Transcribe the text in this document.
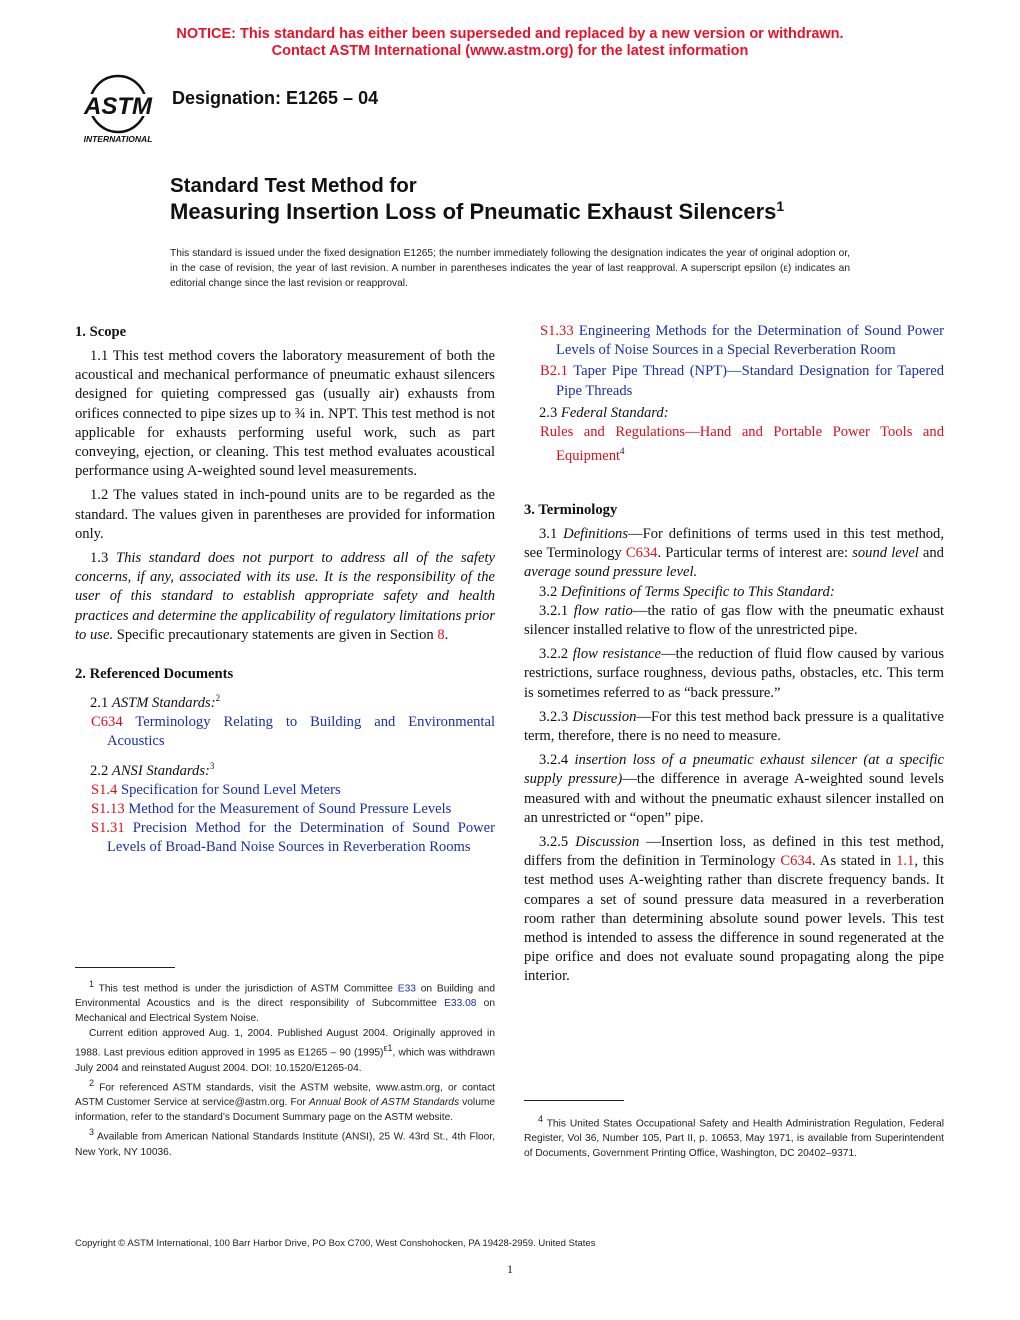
NOTICE: This standard has either been superseded and replaced by a new version or withdrawn.
Contact ASTM International (www.astm.org) for the latest information
ASTM
INTERNATIONAL
Designation: E1265 – 04
Standard Test Method for
Measuring Insertion Loss of Pneumatic Exhaust Silencers$^1$
This standard is issued under the fixed designation E1265; the number immediately following the designation indicates the year of original adoption or, in the case of revision, the year of last revision. A number in parentheses indicates the year of last reapproval. A superscript epsilon (ε) indicates an editorial change since the last revision or reapproval.
1. Scope

1.1 This test method covers the laboratory measurement of both the acoustical and mechanical performance of pneumatic exhaust silencers designed for quieting compressed gas (usually air) exhausts from orifices connected to pipe sizes up to ¾ in. NPT. This test method is not applicable for exhausts performing useful work, such as part conveying, ejection, or cleaning. This test method evaluates acoustical performance using A-weighted sound level measurements.

1.2 The values stated in inch-pound units are to be regarded as the standard. The values given in parentheses are provided for information only.

1.3 This standard does not purport to address all of the safety concerns, if any, associated with its use. It is the responsibility of the user of this standard to establish appropriate safety and health practices and determine the applicability of regulatory limitations prior to use. Specific precautionary statements are given in Section 8.

2. Referenced Documents

2.1 ASTM Standards:$^2$

C634 Terminology Relating to Building and Environmental Acoustics

2.2 ANSI Standards:$^3$

S1.4 Specification for Sound Level Meters

S1.13 Method for the Measurement of Sound Pressure Levels

S1.31 Precision Method for the Determination of Sound Power Levels of Broad-Band Noise Sources in Reverberation Rooms

S1.33 Engineering Methods for the Determination of Sound Power Levels of Noise Sources in a Special Reverberation Room

B2.1 Taper Pipe Thread (NPT)—Standard Designation for Tapered Pipe Threads

2.3 Federal Standard:

Rules and Regulations—Hand and Portable Power Tools and Equipment$^4$

3. Terminology

3.1 Definitions—For definitions of terms used in this test method, see Terminology C634. Particular terms of interest are: sound level and average sound pressure level.

3.2 Definitions of Terms Specific to This Standard:

3.2.1 flow ratio—the ratio of gas flow with the pneumatic exhaust silencer installed relative to flow of the unrestricted pipe.

3.2.2 flow resistance—the reduction of fluid flow caused by various restrictions, surface roughness, devious paths, obstacles, etc. This term is sometimes referred to as “back pressure.”

3.2.3 Discussion—For this test method back pressure is a qualitative term, therefore, there is no need to measure.

3.2.4 insertion loss of a pneumatic exhaust silencer (at a specific supply pressure)—the difference in average A-weighted sound levels measured with and without the pneumatic exhaust silencer installed on an unrestricted or “open” pipe.

3.2.5 Discussion —Insertion loss, as defined in this test method, differs from the definition in Terminology C634. As stated in 1.1, this test method uses A-weighting rather than discrete frequency bands. It compares a set of sound pressure data measured in a reverberation room rather than determining absolute sound power levels. This test method is intended to assess the difference in sound regenerated at the pipe orifice and does not evaluate sound propagating along the pipe interior.

$^1$ This test method is under the jurisdiction of ASTM Committee E33 on Building and Environmental Acoustics and is the direct responsibility of Subcommittee E33.08 on Mechanical and Electrical System Noise.

Current edition approved Aug. 1, 2004. Published August 2004. Originally approved in 1988. Last previous edition approved in 1995 as E1265 – 90 $(1995)^{\varepsilon 1}$, which was withdrawn July 2004 and reinstated August 2004. DOI: 10.1520/E1265-04.

$^2$ For referenced ASTM standards, visit the ASTM website, www.astm.org, or contact ASTM Customer Service at service@astm.org. For Annual Book of ASTM Standards volume information, refer to the standard’s Document Summary page on the ASTM website.

$^3$ Available from American National Standards Institute (ANSI), 25 W. 43rd St., 4th Floor, New York, NY 10036.

$^4$ This United States Occupational Safety and Health Administration Regulation, Federal Register, Vol 36, Number 105, Part II, p. 10653, May 1971, is available from Superintendent of Documents, Government Printing Office, Washington, DC 20402–9371.

Copyright © ASTM International, 100 Barr Harbor Drive, PO Box C700, West Conshohocken, PA 19428-2959. United States
1
